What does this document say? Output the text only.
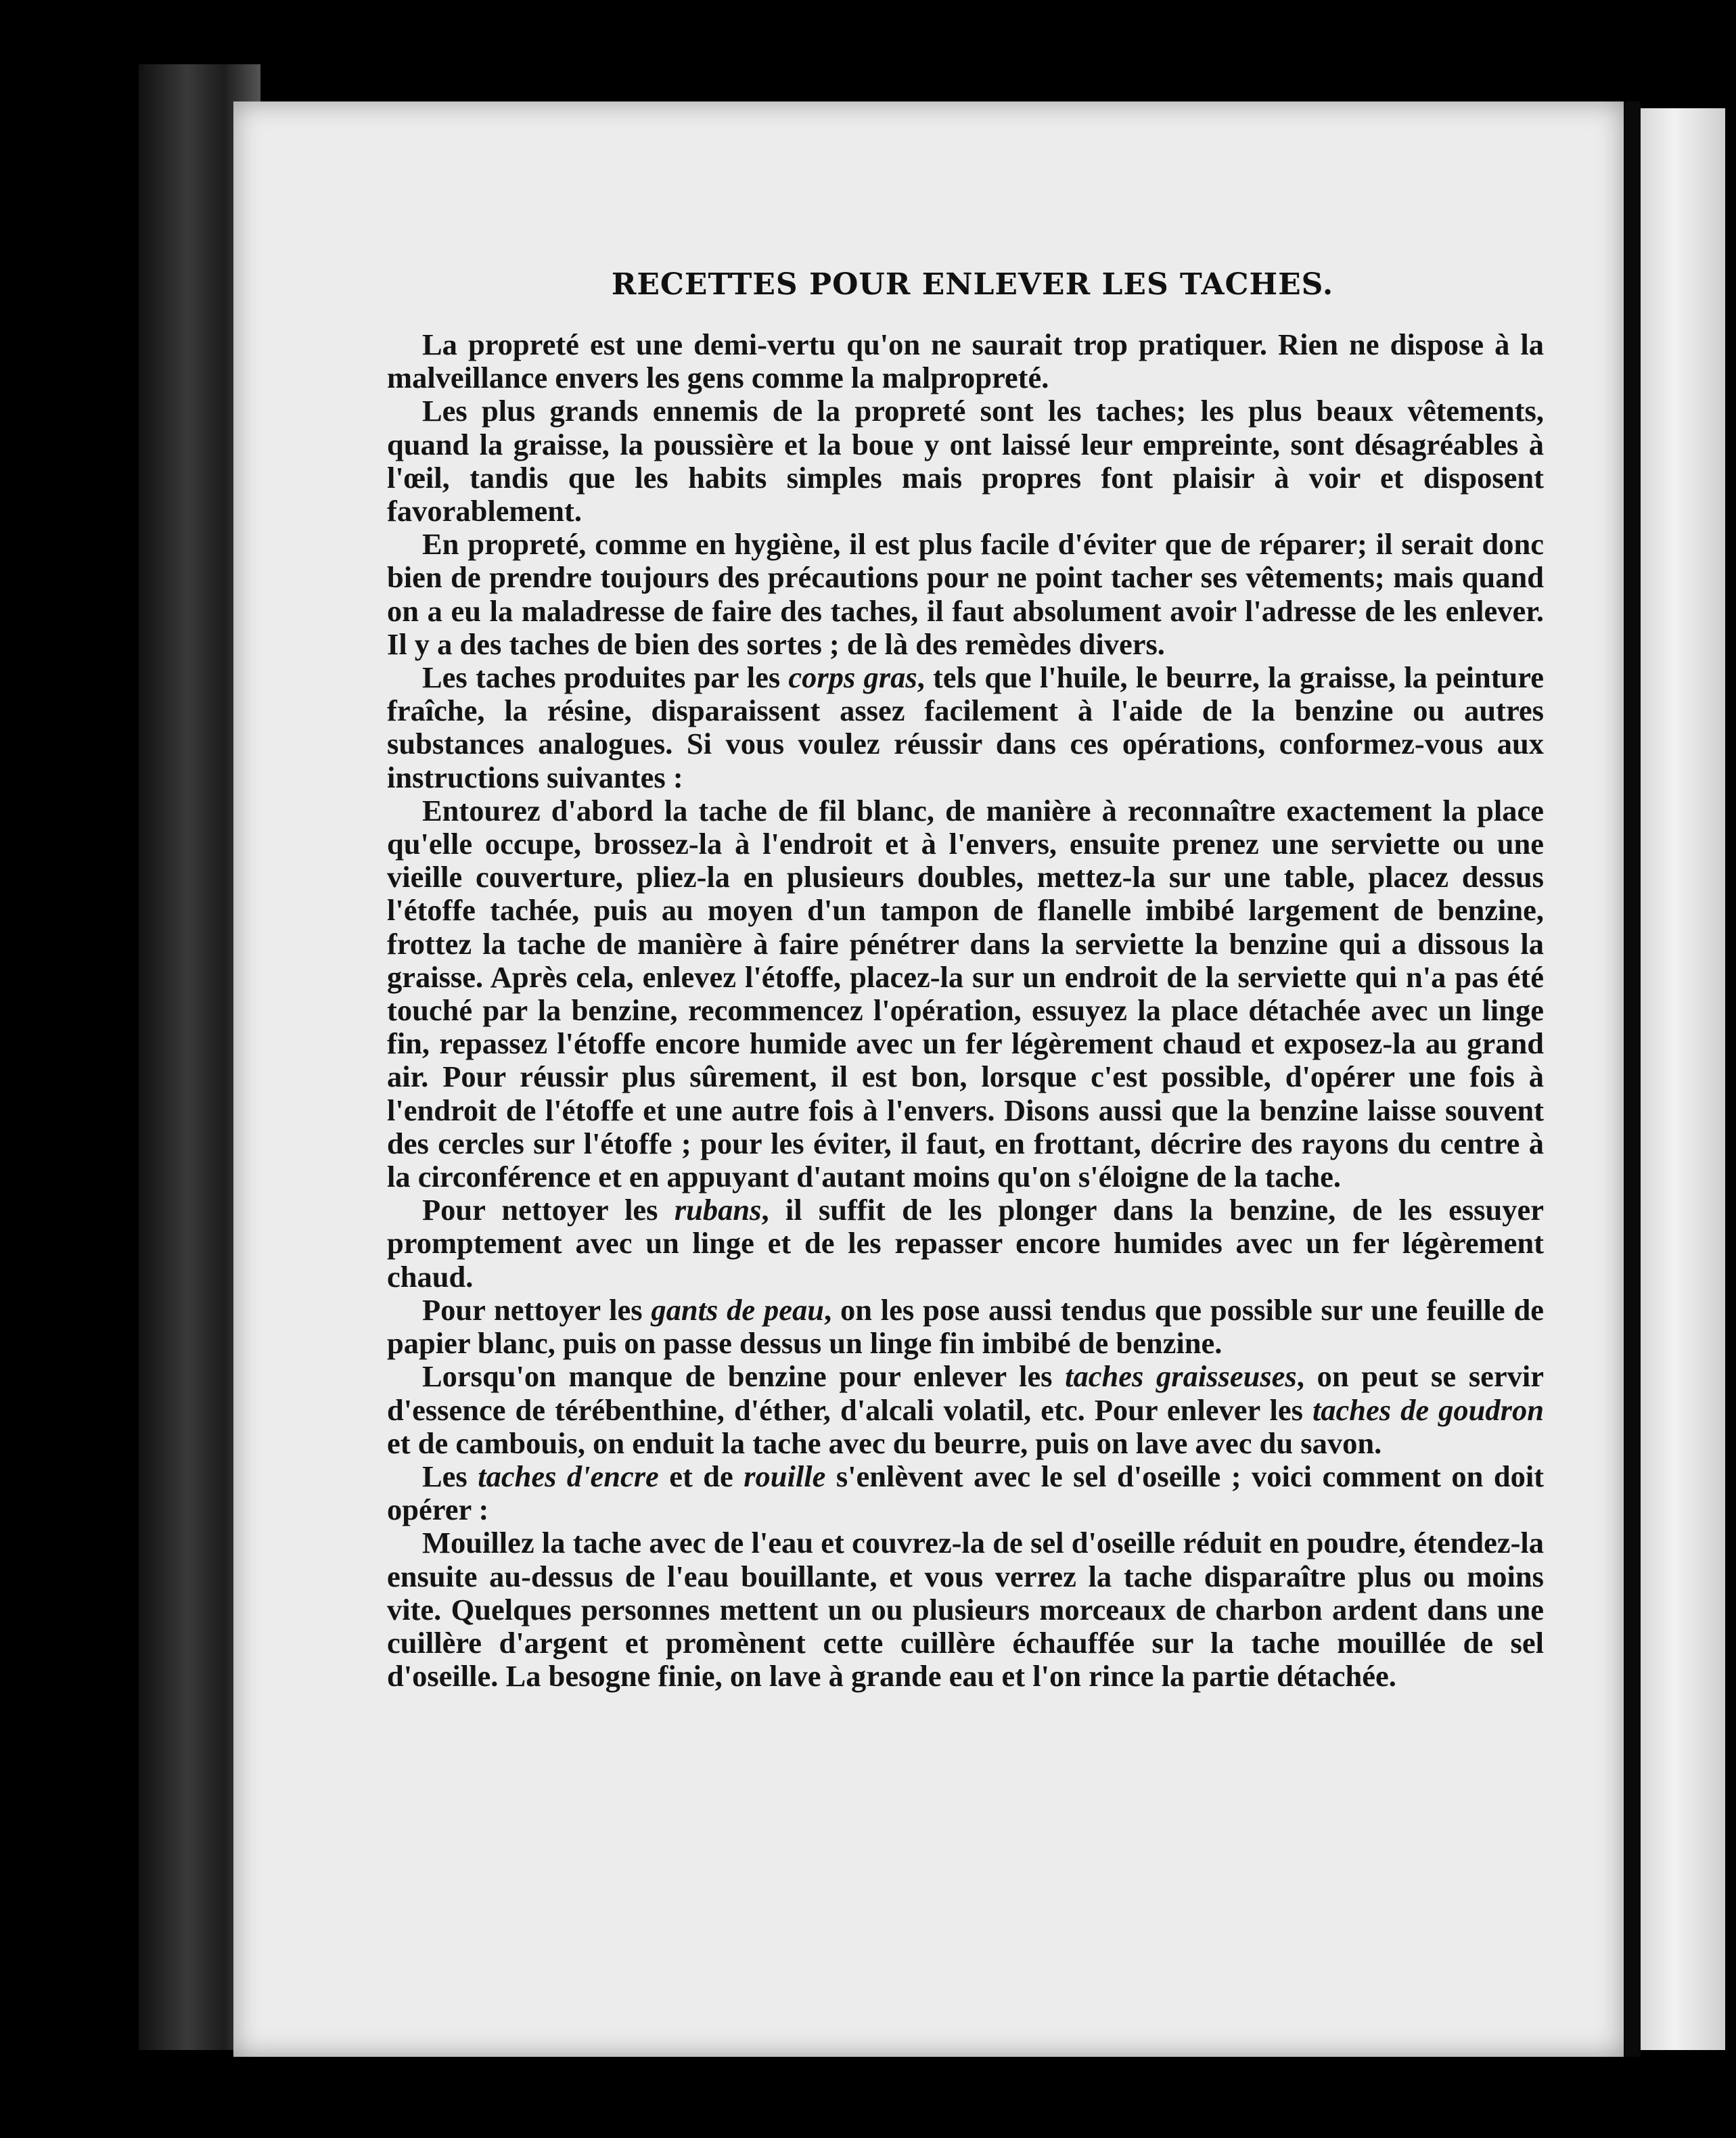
RECETTES POUR ENLEVER LES TACHES.

La propreté est une demi-vertu qu'on ne saurait trop pratiquer. Rien ne dispose à la malveillance envers les gens comme la malpropreté.

Les plus grands ennemis de la propreté sont les taches; les plus beaux vêtements, quand la graisse, la poussière et la boue y ont laissé leur empreinte, sont désagréables à l'œil, tandis que les habits simples mais propres font plaisir à voir et disposent favorablement.

En propreté, comme en hygiène, il est plus facile d'éviter que de réparer; il serait donc bien de prendre toujours des précautions pour ne point tacher ses vêtements; mais quand on a eu la maladresse de faire des taches, il faut absolument avoir l'adresse de les enlever. Il y a des taches de bien des sortes ; de là des remèdes divers.

Les taches produites par les corps gras, tels que l'huile, le beurre, la graisse, la peinture fraîche, la résine, disparaissent assez facilement à l'aide de la benzine ou autres substances analogues. Si vous voulez réussir dans ces opérations, conformez-vous aux instructions suivantes :

Entourez d'abord la tache de fil blanc, de manière à reconnaître exactement la place qu'elle occupe, brossez-la à l'endroit et à l'envers, ensuite prenez une serviette ou une vieille couverture, pliez-la en plusieurs doubles, mettez-la sur une table, placez dessus l'étoffe tachée, puis au moyen d'un tampon de flanelle imbibé largement de benzine, frottez la tache de manière à faire pénétrer dans la serviette la benzine qui a dissous la graisse. Après cela, enlevez l'étoffe, placez-la sur un endroit de la serviette qui n'a pas été touché par la benzine, recommencez l'opération, essuyez la place détachée avec un linge fin, repassez l'étoffe encore humide avec un fer légèrement chaud et exposez-la au grand air. Pour réussir plus sûrement, il est bon, lorsque c'est possible, d'opérer une fois à l'endroit de l'étoffe et une autre fois à l'envers. Disons aussi que la benzine laisse souvent des cercles sur l'étoffe ; pour les éviter, il faut, en frottant, décrire des rayons du centre à la circonférence et en appuyant d'autant moins qu'on s'éloigne de la tache.

Pour nettoyer les rubans, il suffit de les plonger dans la benzine, de les essuyer promptement avec un linge et de les repasser encore humides avec un fer légèrement chaud.

Pour nettoyer les gants de peau, on les pose aussi tendus que possible sur une feuille de papier blanc, puis on passe dessus un linge fin imbibé de benzine.

Lorsqu'on manque de benzine pour enlever les taches graisseuses, on peut se servir d'essence de térébenthine, d'éther, d'alcali volatil, etc. Pour enlever les taches de goudron et de cambouis, on enduit la tache avec du beurre, puis on lave avec du savon.

Les taches d'encre et de rouille s'enlèvent avec le sel d'oseille ; voici comment on doit opérer :

Mouillez la tache avec de l'eau et couvrez-la de sel d'oseille réduit en poudre, étendez-la ensuite au-dessus de l'eau bouillante, et vous verrez la tache disparaître plus ou moins vite. Quelques personnes mettent un ou plusieurs morceaux de charbon ardent dans une cuillère d'argent et promènent cette cuillère échauffée sur la tache mouillée de sel d'oseille. La besogne finie, on lave à grande eau et l'on rince la partie détachée.
